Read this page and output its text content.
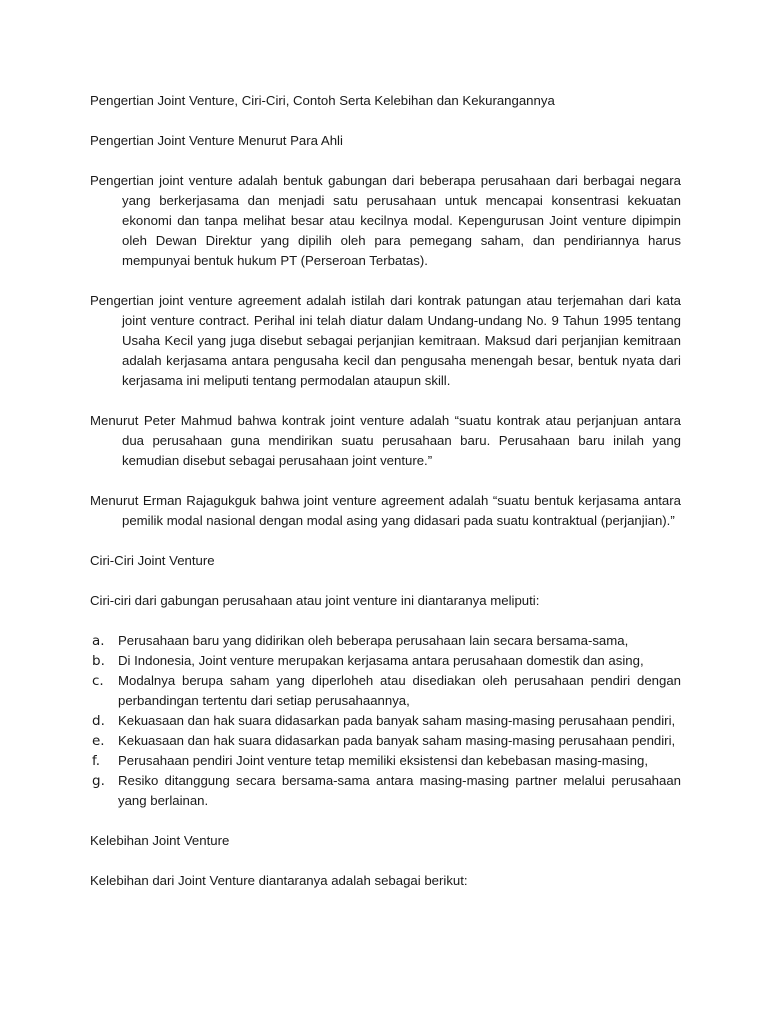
Pengertian Joint Venture, Ciri-Ciri, Contoh Serta Kelebihan dan Kekurangannya
Pengertian Joint Venture Menurut Para Ahli
Pengertian joint venture adalah bentuk gabungan dari beberapa perusahaan dari berbagai negara yang berkerjasama dan menjadi satu perusahaan untuk mencapai konsentrasi kekuatan ekonomi dan tanpa melihat besar atau kecilnya modal. Kepengurusan Joint venture dipimpin oleh Dewan Direktur yang dipilih oleh para pemegang saham, dan pendiriannya harus mempunyai bentuk hukum PT (Perseroan Terbatas).
Pengertian joint venture agreement adalah istilah dari kontrak patungan atau terjemahan dari kata joint venture contract. Perihal ini telah diatur dalam Undang-undang No. 9 Tahun 1995 tentang Usaha Kecil yang juga disebut sebagai perjanjian kemitraan. Maksud dari perjanjian kemitraan adalah kerjasama antara pengusaha kecil dan pengusaha menengah besar, bentuk nyata dari kerjasama ini meliputi tentang permodalan ataupun skill.
Menurut Peter Mahmud bahwa kontrak joint venture adalah “suatu kontrak atau perjanjuan antara dua perusahaan guna mendirikan suatu perusahaan baru. Perusahaan baru inilah yang kemudian disebut sebagai perusahaan joint venture.”
Menurut Erman Rajagukguk bahwa joint venture agreement adalah “suatu bentuk kerjasama antara pemilik modal nasional dengan modal asing yang didasari pada suatu kontraktual (perjanjian).”
Ciri-Ciri Joint Venture
Ciri-ciri dari gabungan perusahaan atau joint venture ini diantaranya meliputi:
a. Perusahaan baru yang didirikan oleh beberapa perusahaan lain secara bersama-sama,
b. Di Indonesia, Joint venture merupakan kerjasama antara perusahaan domestik dan asing,
c. Modalnya berupa saham yang diperloheh atau disediakan oleh perusahaan pendiri dengan perbandingan tertentu dari setiap perusahaannya,
d. Kekuasaan dan hak suara didasarkan pada banyak saham masing-masing perusahaan pendiri,
e. Kekuasaan dan hak suara didasarkan pada banyak saham masing-masing perusahaan pendiri,
f. Perusahaan pendiri Joint venture tetap memiliki eksistensi dan kebebasan masing-masing,
g. Resiko ditanggung secara bersama-sama antara masing-masing partner melalui perusahaan yang berlainan.
Kelebihan Joint Venture
Kelebihan dari Joint Venture diantaranya adalah sebagai berikut:
